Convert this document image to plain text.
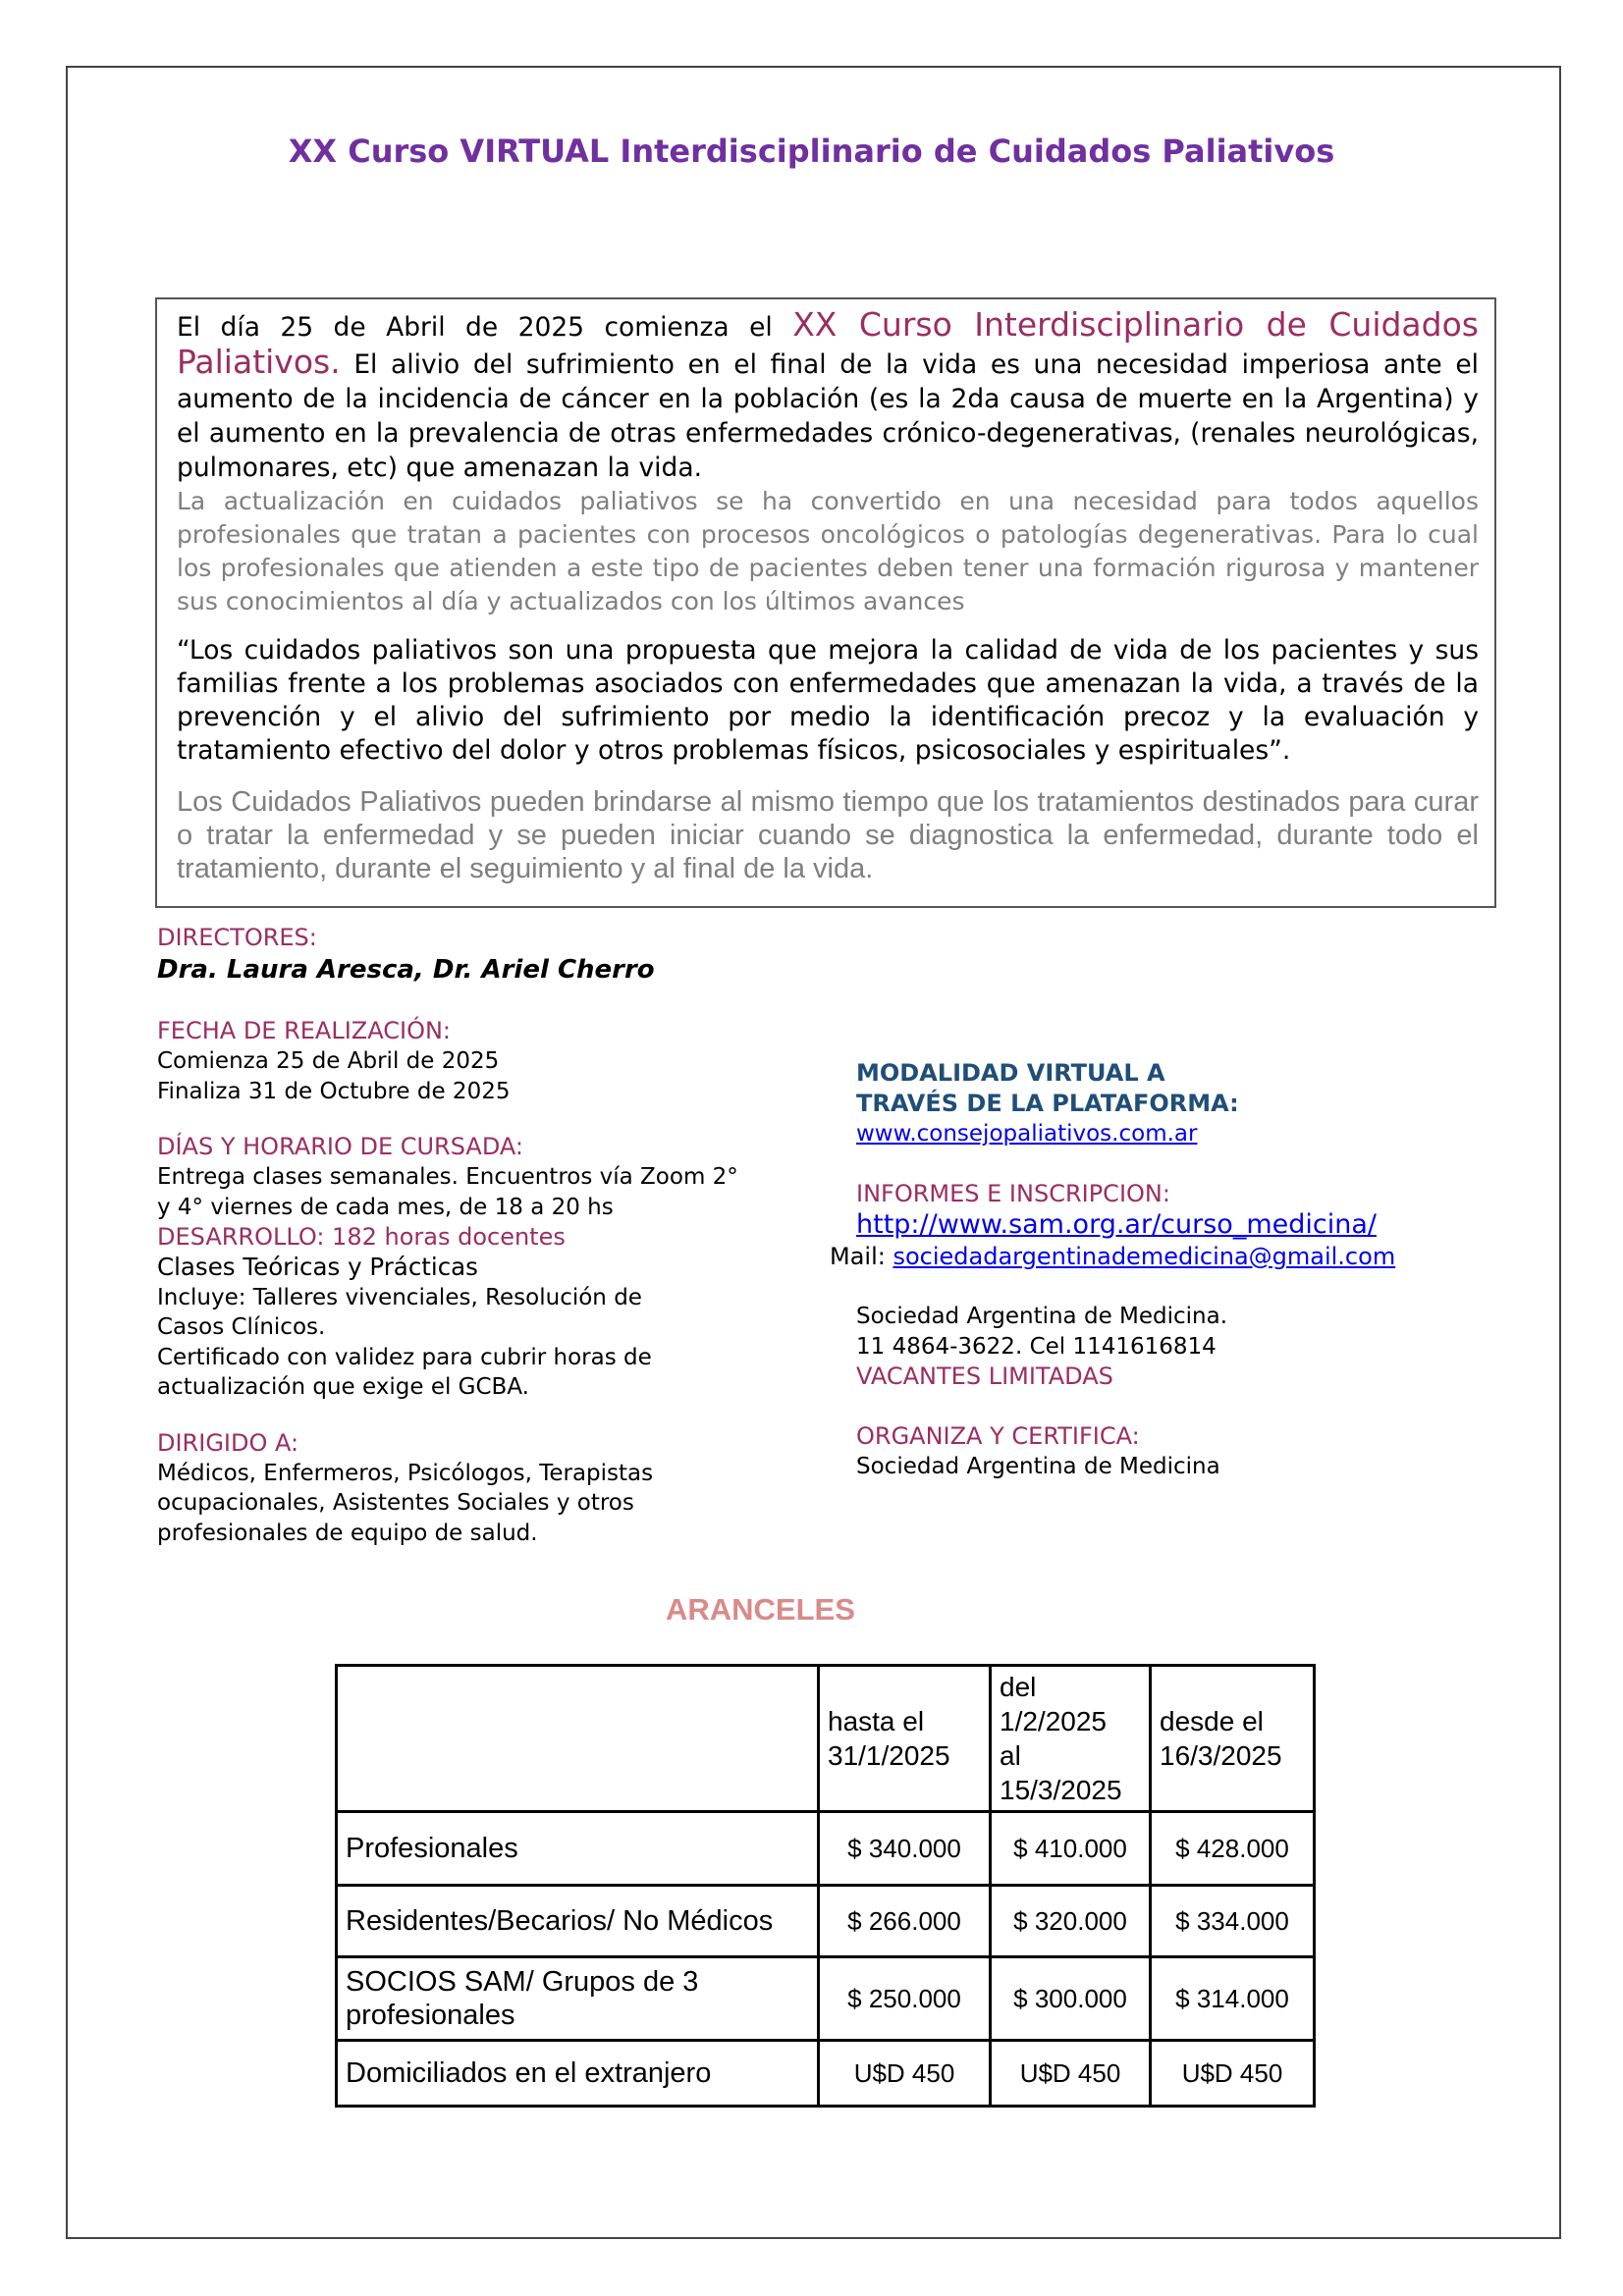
XX Curso VIRTUAL Interdisciplinario de Cuidados Paliativos

El día 25 de Abril de 2025 comienza el XX Curso Interdisciplinario de Cuidados Paliativos. El alivio del sufrimiento en el final de la vida es una necesidad imperiosa ante el aumento de la incidencia de cáncer en la población (es la 2da causa de muerte en la Argentina) y el aumento en la prevalencia de otras enfermedades crónico-degenerativas, (renales neurológicas, pulmonares, etc) que amenazan la vida.

La actualización en cuidados paliativos se ha convertido en una necesidad para todos aquellos profesionales que tratan a pacientes con procesos oncológicos o patologías degenerativas. Para lo cual los profesionales que atienden a este tipo de pacientes deben tener una formación rigurosa y mantener sus conocimientos al día y actualizados con los últimos avances

“Los cuidados paliativos son una propuesta que mejora la calidad de vida de los pacientes y sus familias frente a los problemas asociados con enfermedades que amenazan la vida, a través de la prevención y el alivio del sufrimiento por medio la identificación precoz y la evaluación y tratamiento efectivo del dolor y otros problemas físicos, psicosociales y espirituales”.

Los Cuidados Paliativos pueden brindarse al mismo tiempo que los tratamientos destinados para curar o tratar la enfermedad y se pueden iniciar cuando se diagnostica la enfermedad, durante todo el tratamiento, durante el seguimiento y al final de la vida.

DIRECTORES:

Dra. Laura Aresca, Dr. Ariel Cherro

FECHA DE REALIZACIÓN:

Comienza 25 de Abril de 2025

Finaliza 31 de Octubre de 2025

DÍAS Y HORARIO DE CURSADA:

Entrega clases semanales. Encuentros vía Zoom 2°

y 4° viernes de cada mes, de 18 a 20 hs

DESARROLLO: 182 horas docentes

Clases Teóricas y Prácticas

Incluye: Talleres vivenciales, Resolución de

Casos Clínicos.

Certificado con validez para cubrir horas de

actualización que exige el GCBA.

DIRIGIDO A:

Médicos, Enfermeros, Psicólogos, Terapistas

ocupacionales, Asistentes Sociales y otros

profesionales de equipo de salud.

MODALIDAD VIRTUAL A

TRAVÉS DE LA PLATAFORMA:

www.consejopaliativos.com.ar

INFORMES E INSCRIPCION:

http://www.sam.org.ar/curso_medicina/

Mail: sociedadargentinademedicina@gmail.com

Sociedad Argentina de Medicina.

11 4864-3622. Cel 1141616814

VACANTES LIMITADAS

ORGANIZA Y CERTIFICA:

Sociedad Argentina de Medicina

ARANCELES
	hasta el
31/1/2025	del
1/2/2025
al
15/3/2025	desde el
16/3/2025
Profesionales	$ 340.000	$ 410.000	$ 428.000
Residentes/Becarios/ No Médicos	$ 266.000	$ 320.000	$ 334.000
SOCIOS SAM/ Grupos de 3
profesionales	$ 250.000	$ 300.000	$ 314.000
Domiciliados en el extranjero	U$D 450	U$D 450	U$D 450
